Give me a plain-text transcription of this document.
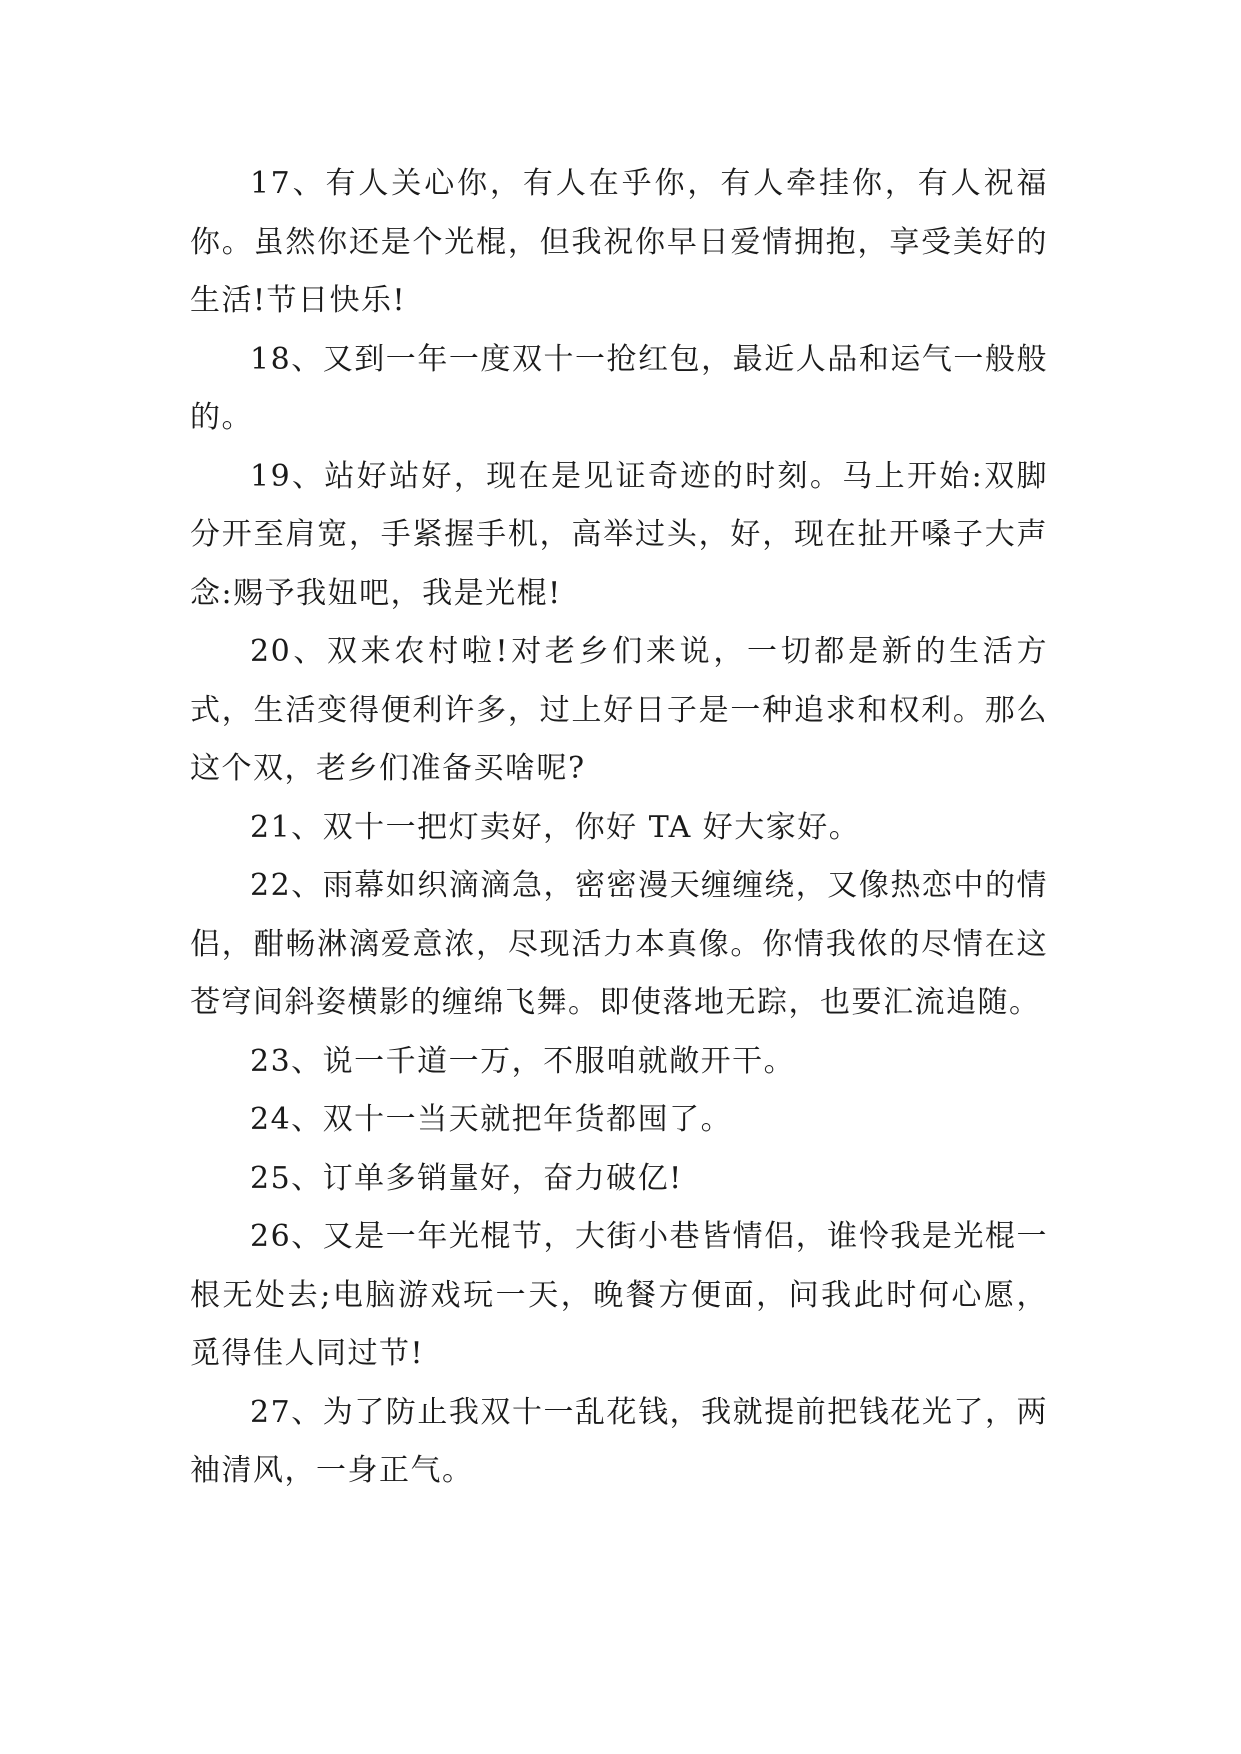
17、有人关心你，有人在乎你，有人牵挂你，有人祝福你。虽然你还是个光棍，但我祝你早日爱情拥抱，享受美好的生活!节日快乐!

18、又到一年一度双十一抢红包，最近人品和运气一般般的。

19、站好站好，现在是见证奇迹的时刻。马上开始:双脚分开至肩宽，手紧握手机，高举过头，好，现在扯开嗓子大声念:赐予我妞吧，我是光棍!

20、双来农村啦!对老乡们来说，一切都是新的生活方式，生活变得便利许多，过上好日子是一种追求和权利。那么这个双，老乡们准备买啥呢?

21、双十一把灯卖好，你好 TA 好大家好。

22、雨幕如织滴滴急，密密漫天缠缠绕，又像热恋中的情侣，酣畅淋漓爱意浓，尽现活力本真像。你情我侬的尽情在这苍穹间斜姿横影的缠绵飞舞。即使落地无踪，也要汇流追随。

23、说一千道一万，不服咱就敞开干。

24、双十一当天就把年货都囤了。

25、订单多销量好，奋力破亿!

26、又是一年光棍节，大街小巷皆情侣，谁怜我是光棍一根无处去;电脑游戏玩一天，晚餐方便面，问我此时何心愿，觅得佳人同过节!

27、为了防止我双十一乱花钱，我就提前把钱花光了，两袖清风，一身正气。
